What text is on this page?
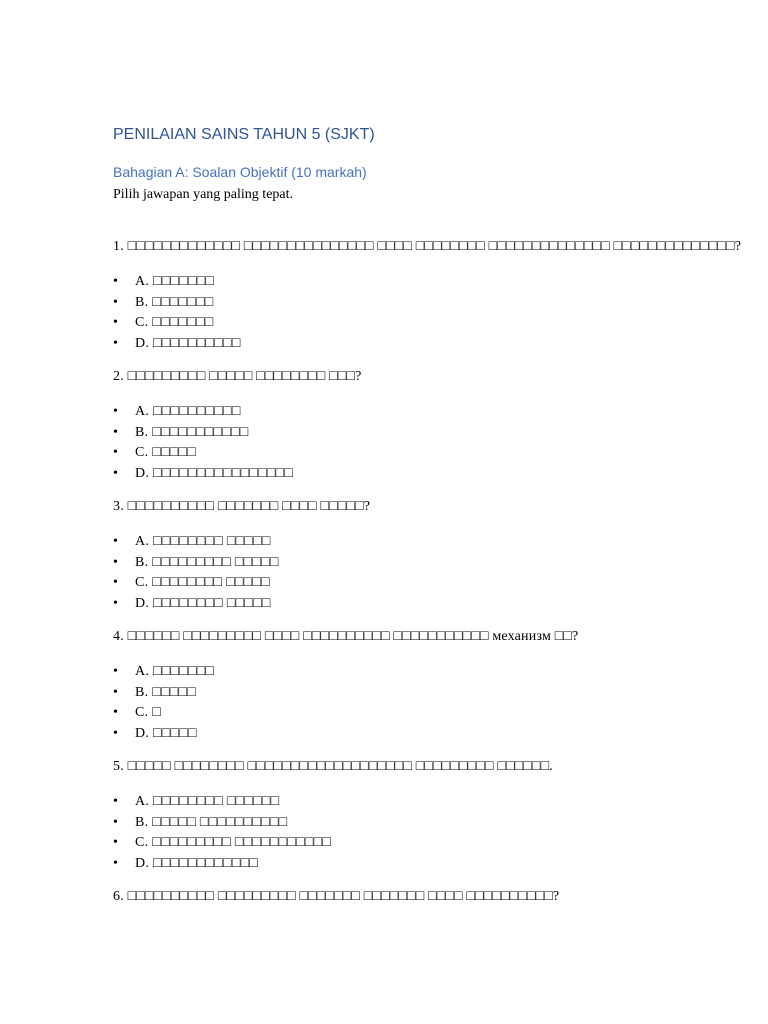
PENILAIAN SAINS TAHUN 5 (SJKT)
Bahagian A: Soalan Objektif (10 markah)

Pilih jawapan yang paling tepat.

1. □□□□□□□□□□□□□ □□□□□□□□□□□□□□□ □□□□ □□□□□□□□ □□□□□□□□□□□□□□ □□□□□□□□□□□□□□?

• A. □□□□□□□
• B. □□□□□□□
• C. □□□□□□□
• D. □□□□□□□□□□

2. □□□□□□□□□ □□□□□ □□□□□□□□ □□□?

• A. □□□□□□□□□□
• B. □□□□□□□□□□□
• C. □□□□□
• D. □□□□□□□□□□□□□□□□

3. □□□□□□□□□□ □□□□□□□ □□□□ □□□□□?

• A. □□□□□□□□ □□□□□
• B. □□□□□□□□□ □□□□□
• C. □□□□□□□□ □□□□□
• D. □□□□□□□□ □□□□□

4. □□□□□□ □□□□□□□□□ □□□□ □□□□□□□□□□ □□□□□□□□□□□ механизм □□?

• A. □□□□□□□
• B. □□□□□
• C. □
• D. □□□□□

5. □□□□□ □□□□□□□□ □□□□□□□□□□□□□□□□□□□ □□□□□□□□□ □□□□□□.

• A. □□□□□□□□ □□□□□□
• B. □□□□□ □□□□□□□□□□
• C. □□□□□□□□□ □□□□□□□□□□□
• D. □□□□□□□□□□□□

6. □□□□□□□□□□ □□□□□□□□□ □□□□□□□ □□□□□□□ □□□□ □□□□□□□□□□?
